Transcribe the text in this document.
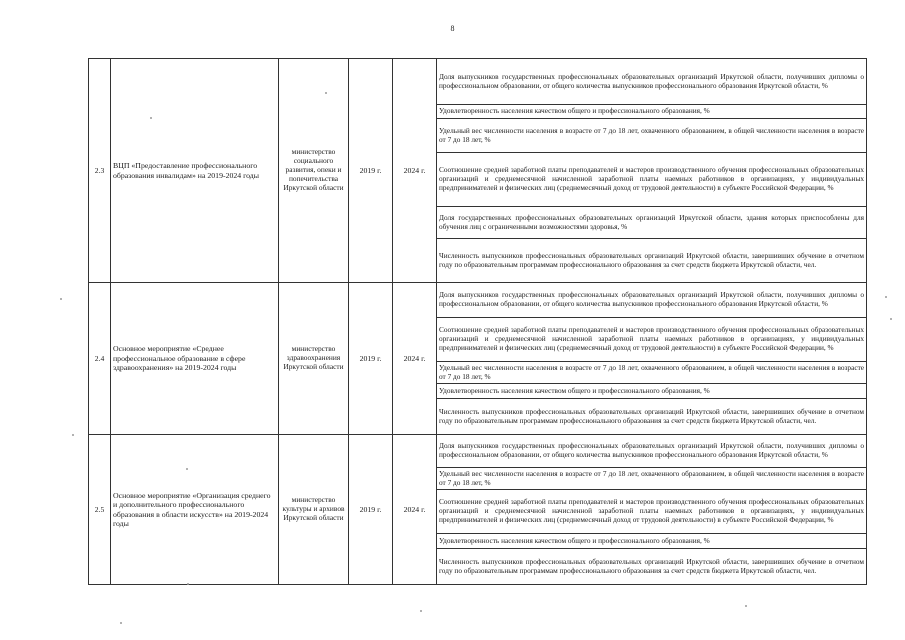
8
2.3	ВЦП «Предоставление профессионального образования инвалидам» на 2019-2024 годы	министерство социального развития, опеки и попечительства Иркутской области	2019 г.	2024 г.	Доля выпускников государственных профессиональных образовательных организаций Иркутской области, получивших дипломы о профессиональном образовании, от общего количества выпускников профессионального образования Иркутской области, %

					Удовлетворенность населения качеством общего и профессионального образования, %

					Удельный вес численности населения в возрасте от 7 до 18 лет, охваченного образованием, в общей численности населения в возрасте от 7 до 18 лет, %

					Соотношение средней заработной платы преподавателей и мастеров производственного обучения профессиональных образовательных организаций и среднемесячной начисленной заработной платы наемных работников в организациях, у индивидуальных предпринимателей и физических лиц (среднемесячный доход от трудовой деятельности) в субъекте Российской Федерации, %

					Доля государственных профессиональных образовательных организаций Иркутской области, здания которых приспособлены для обучения лиц с ограниченными возможностями здоровья, %

					Численность выпускников профессиональных образовательных организаций Иркутской области, завершивших обучение в отчетном году по образовательным программам профессионального образования за счет средств бюджета Иркутской области, чел.

2.4	Основное мероприятие «Среднее профессиональное образование в сфере здравоохранения» на 2019-2024 годы	министерство здравоохранения Иркутской области	2019 г.	2024 г.	Доля выпускников государственных профессиональных образовательных организаций Иркутской области, получивших дипломы о профессиональном образовании, от общего количества выпускников профессионального образования Иркутской области, %

					Соотношение средней заработной платы преподавателей и мастеров производственного обучения профессиональных образовательных организаций и среднемесячной начисленной заработной платы наемных работников в организациях, у индивидуальных предпринимателей и физических лиц (среднемесячный доход от трудовой деятельности) в субъекте Российской Федерации, %

					Удельный вес численности населения в возрасте от 7 до 18 лет, охваченного образованием, в общей численности населения в возрасте от 7 до 18 лет, %

					Удовлетворенность населения качеством общего и профессионального образования, %

					Численность выпускников профессиональных образовательных организаций Иркутской области, завершивших обучение в отчетном году по образовательным программам профессионального образования за счет средств бюджета Иркутской области, чел.

2.5	Основное мероприятие «Организация среднего и дополнительного профессионального образования в области искусств» на 2019-2024 годы	министерство культуры и архивов Иркутской области	2019 г.	2024 г.	Доля выпускников государственных профессиональных образовательных организаций Иркутской области, получивших дипломы о профессиональном образовании, от общего количества выпускников профессионального образования Иркутской области, %

					Удельный вес численности населения в возрасте от 7 до 18 лет, охваченного образованием, в общей численности населения в возрасте от 7 до 18 лет, %

					Соотношение средней заработной платы преподавателей и мастеров производственного обучения профессиональных образовательных организаций и среднемесячной начисленной заработной платы наемных работников в организациях, у индивидуальных предпринимателей и физических лиц (среднемесячный доход от трудовой деятельности) в субъекте Российской Федерации, %

					Удовлетворенность населения качеством общего и профессионального образования, %

					Численность выпускников профессиональных образовательных организаций Иркутской области, завершивших обучение в отчетном году по образовательным программам профессионального образования за счет средств бюджета Иркутской области, чел.
